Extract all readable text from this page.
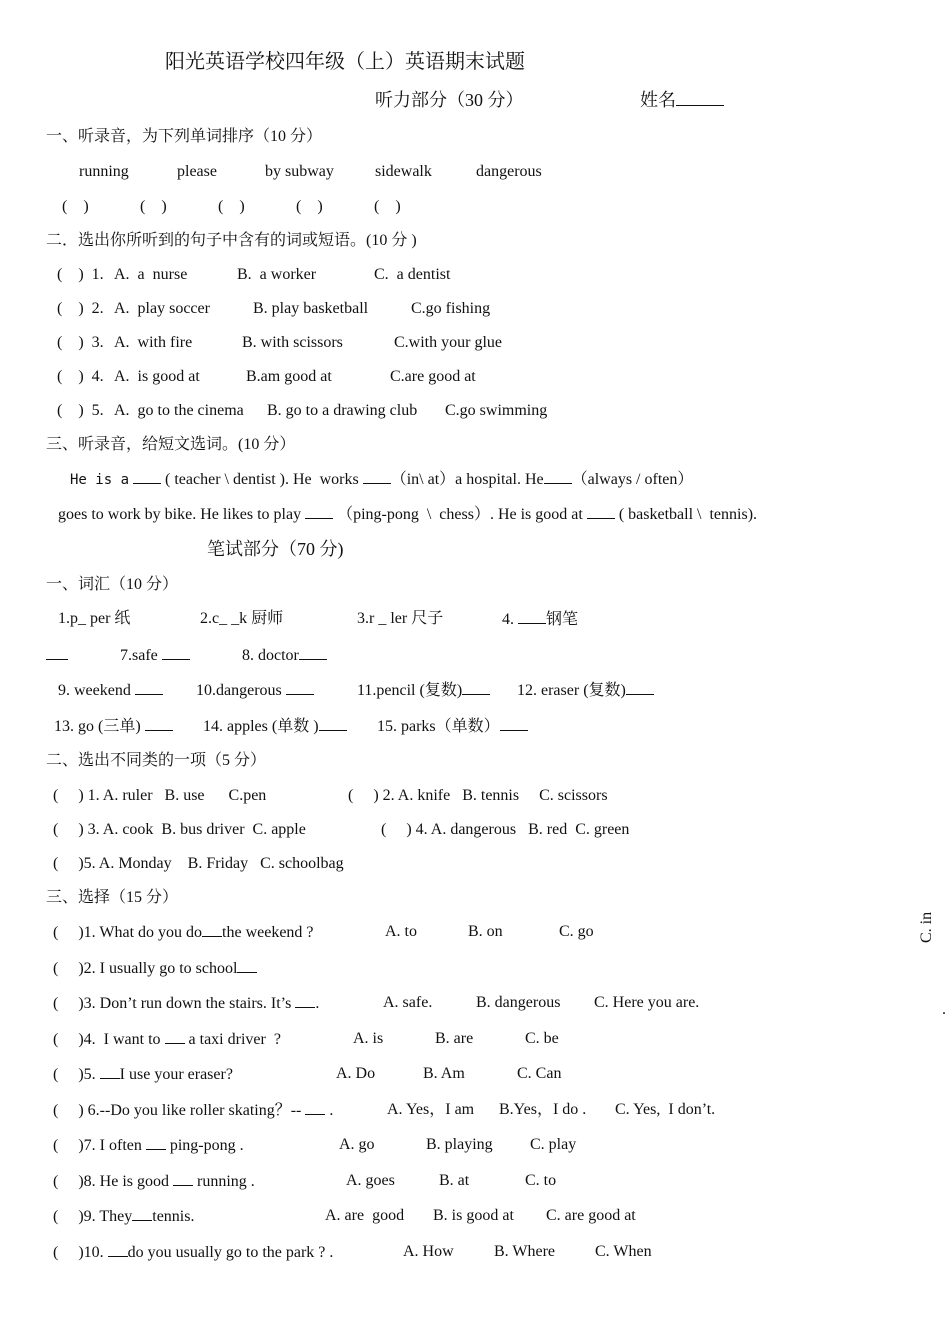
阳光英语学校四年级（上）英语期末试题
听力部分（30 分）	姓名
一、听录音，为下列单词排序（10 分）
running	please	by subway	sidewalk	dangerous
(    )	(    )	(    )	(    )	(    )
二．选出你所听到的句子中含有的词或短语。(10 分 )
(    )  1. A.  a  nurse	B.  a worker	C.  a dentist
(    )  2. A.  play soccer	B. play basketball	C.go fishing
(    )  3. A.  with fire	B. with scissors	C.with your glue
(    )  4. A.  is good at	B.am good at	C.are good at
(    )  5. A.  go to the cinema B. go to a drawing club C.go swimming
三、听录音，给短文选词。(10 分）
He is a ( teacher \ dentist ). He  works （in\ at）a hospital. He （always / often）
goes to work by bike. He likes to play （ping-pong  \  chess）. He is good at ( basketball \  tennis).
笔试部分（70 分)
一、词汇（10 分）
1.p_ per 纸	2.c_ _k 厨师	3.r _ ler 尺子	4. 钢笔
7.safe	8. doctor
9. weekend	10.dangerous	11.pencil (复数)	12. eraser (复数)
13. go (三单)	14. apples (单数 )	15. parks（单数）
二、选出不同类的一项（5 分）
(     ) 1. A. ruler   B. use      C.pen	(     ) 2. A. knife   B. tennis     C. scissors
(     ) 3. A. cook  B. bus driver  C. apple	(     ) 4. A. dangerous   B. red  C. green
(     )5. A. Monday    B. Friday   C. schoolbag
三、选择（15 分）
(     )1. What do you do the weekend ?	A. to	B. on	C. go
(     )2. I usually go to school
(     )3. Don’t run down the stairs. It’s .	A. safe.	B. dangerous C. Here you are.
(     )4.  I want to a taxi driver  ?	A. is	B. are	C. be
(     )5. I use your eraser?	A. Do	B. Am	C. Can
(     ) 6.--Do you like roller skating？-- .	A. Yes，I am B.Yes，I do . C. Yes,  I don’t.
(     )7. I often ping-pong .	A. go	B. playing C. play
(     )8. He is good running .	A. goes	B. at	C. to
(     )9. They tennis.	A. are  good B. is good at C. are good at
(     )10. do you usually go to the park ? .	A. How	B. Where C. When
C. in
.
